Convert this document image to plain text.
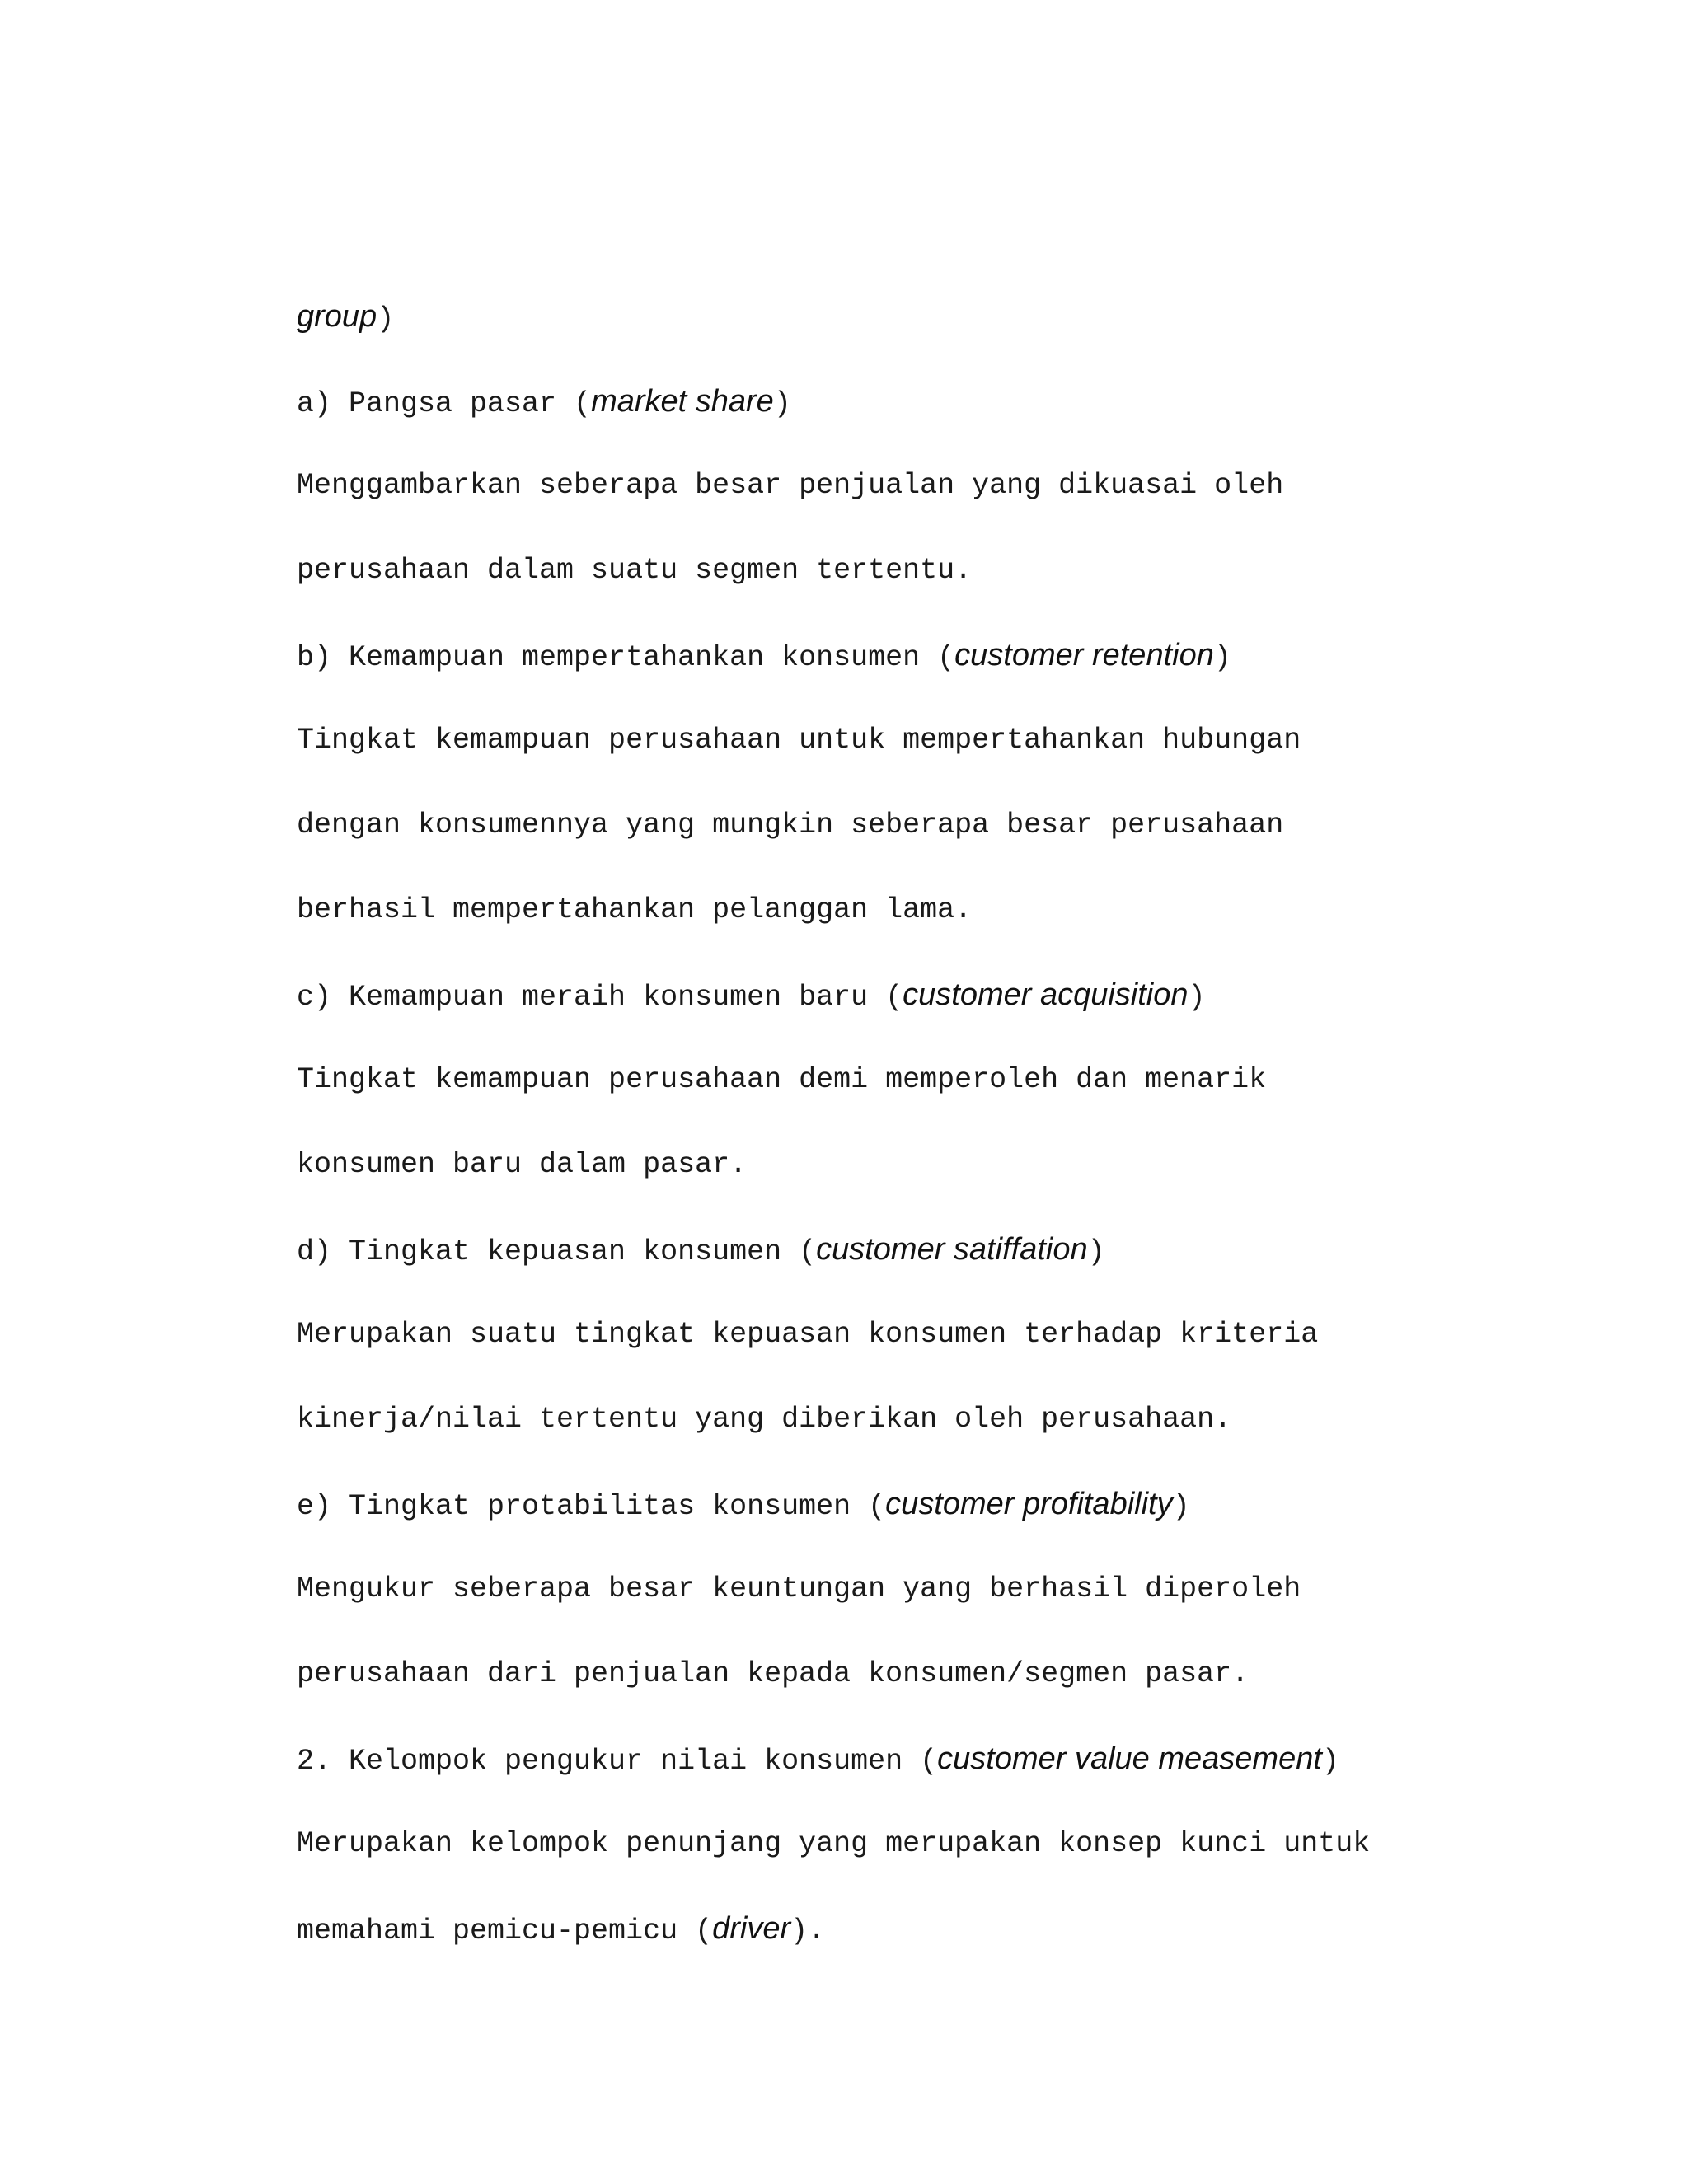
group)
a) Pangsa pasar (market share)
Menggambarkan seberapa besar penjualan yang dikuasai oleh
perusahaan dalam suatu segmen tertentu.
b) Kemampuan mempertahankan konsumen (customer retention)
Tingkat kemampuan perusahaan untuk mempertahankan hubungan
dengan konsumennya yang mungkin seberapa besar perusahaan
berhasil mempertahankan pelanggan lama.
c) Kemampuan meraih konsumen baru (customer acquisition)
Tingkat kemampuan perusahaan demi memperoleh dan menarik
konsumen baru dalam pasar.
d) Tingkat kepuasan konsumen (customer satiffation)
Merupakan suatu tingkat kepuasan konsumen terhadap kriteria
kinerja/nilai tertentu yang diberikan oleh perusahaan.
e) Tingkat protabilitas konsumen (customer profitability)
Mengukur seberapa besar keuntungan yang berhasil diperoleh
perusahaan dari penjualan kepada konsumen/segmen pasar.
2. Kelompok pengukur nilai konsumen (customer value measement)
Merupakan kelompok penunjang yang merupakan konsep kunci untuk
memahami pemicu-pemicu (driver).
